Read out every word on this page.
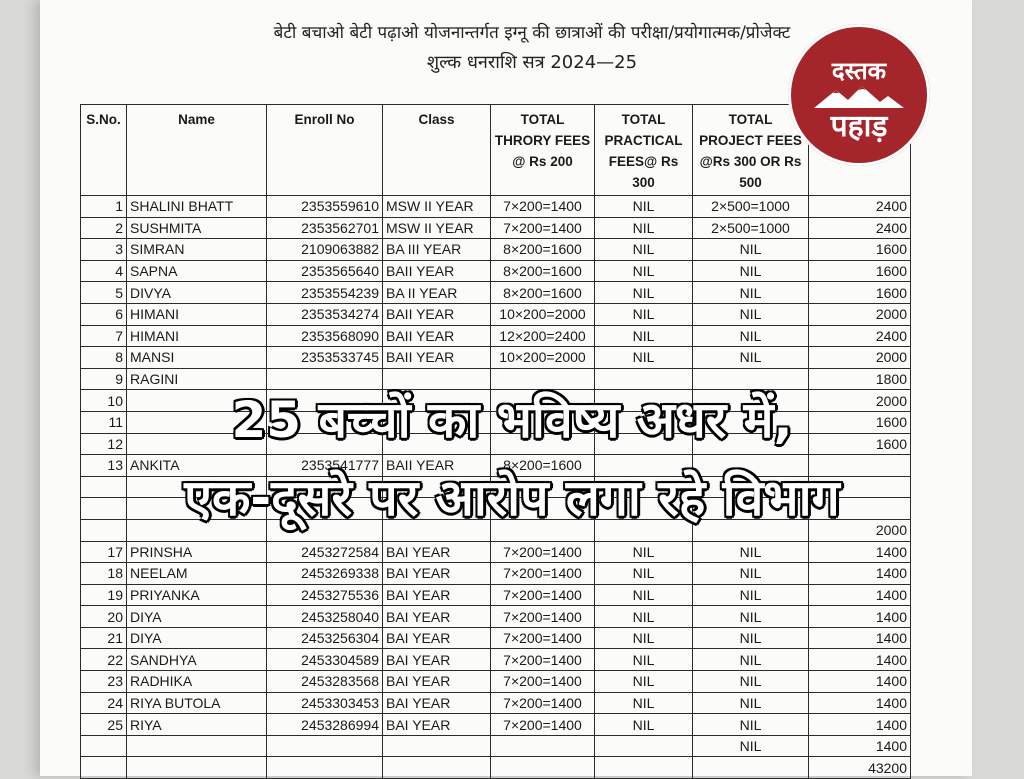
बेटी बचाओ बेटी पढ़ाओ योजनान्तर्गत इग्नू की छात्राओं की परीक्षा/प्रयोगात्मक/प्रोजेक्ट
शुल्क धनराशि सत्र 2024—25
S.No.	Name	Enroll No	Class	TOTAL THRORY FEES @ Rs 200	TOTAL PRACTICAL FEES@ Rs 300	TOTAL PROJECT FEES @Rs 300 OR Rs 500	
1	SHALINI BHATT	2353559610	MSW II YEAR	7×200=1400	NIL	2×500=1000	2400
2	SUSHMITA	2353562701	MSW II YEAR	7×200=1400	NIL	2×500=1000	2400
3	SIMRAN	2109063882	BA III YEAR	8×200=1600	NIL	NIL	1600
4	SAPNA	2353565640	BAII YEAR	8×200=1600	NIL	NIL	1600
5	DIVYA	2353554239	BA II YEAR	8×200=1600	NIL	NIL	1600
6	HIMANI	2353534274	BAII YEAR	10×200=2000	NIL	NIL	2000
7	HIMANI	2353568090	BAII YEAR	12×200=2400	NIL	NIL	2400
8	MANSI	2353533745	BAII YEAR	10×200=2000	NIL	NIL	2000
9	RAGINI						1800
10							2000
11							1600
12							1600
13	ANKITA	2353541777	BAII YEAR	8×200=1600			

							2000
17	PRINSHA	2453272584	BAI YEAR	7×200=1400	NIL	NIL	1400
18	NEELAM	2453269338	BAI YEAR	7×200=1400	NIL	NIL	1400
19	PRIYANKA	2453275536	BAI YEAR	7×200=1400	NIL	NIL	1400
20	DIYA	2453258040	BAI YEAR	7×200=1400	NIL	NIL	1400
21	DIYA	2453256304	BAI YEAR	7×200=1400	NIL	NIL	1400
22	SANDHYA	2453304589	BAI YEAR	7×200=1400	NIL	NIL	1400
23	RADHIKA	2453283568	BAI YEAR	7×200=1400	NIL	NIL	1400
24	RIYA BUTOLA	2453303453	BAI YEAR	7×200=1400	NIL	NIL	1400
25	RIYA	2453286994	BAI YEAR	7×200=1400	NIL	NIL	1400
						NIL	1400
							43200
दस्तक
पहाड़
25 बच्चों का भविष्य अधर में,
एक-दूसरे पर आरोप लगा रहे विभाग
